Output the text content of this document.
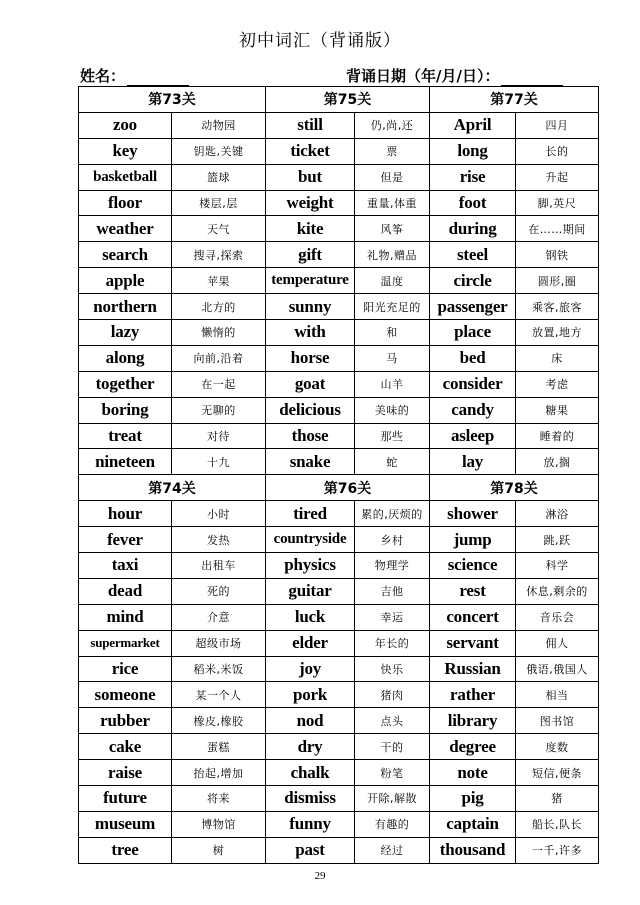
初中词汇（背诵版）
姓名：	背诵日期（年/月/日）：
第73关		第75关		第77关	
zoo	动物园	still	仍,尚,还	April	四月
key	钥匙,关键	ticket	票	long	长的
basketball	篮球	but	但是	rise	升起
floor	楼层,层	weight	重量,体重	foot	脚,英尺
weather	天气	kite	风筝	during	在……期间
search	搜寻,探索	gift	礼物,赠品	steel	钢铁
apple	苹果	temperature	温度	circle	圆形,圈
northern	北方的	sunny	阳光充足的	passenger	乘客,旅客
lazy	懒惰的	with	和	place	放置,地方
along	向前,沿着	horse	马	bed	床
together	在一起	goat	山羊	consider	考虑
boring	无聊的	delicious	美味的	candy	糖果
treat	对待	those	那些	asleep	睡着的
nineteen	十九	snake	蛇	lay	放,搁
第74关		第76关		第78关	
hour	小时	tired	累的,厌烦的	shower	淋浴
fever	发热	countryside	乡村	jump	跳,跃
taxi	出租车	physics	物理学	science	科学
dead	死的	guitar	吉他	rest	休息,剩余的
mind	介意	luck	幸运	concert	音乐会
supermarket	超级市场	elder	年长的	servant	佣人
rice	稻米,米饭	joy	快乐	Russian	俄语,俄国人
someone	某一个人	pork	猪肉	rather	相当
rubber	橡皮,橡胶	nod	点头	library	图书馆
cake	蛋糕	dry	干的	degree	度数
raise	抬起,增加	chalk	粉笔	note	短信,便条
future	将来	dismiss	开除,解散	pig	猪
museum	博物馆	funny	有趣的	captain	船长,队长
tree	树	past	经过	thousand	一千,许多
29
